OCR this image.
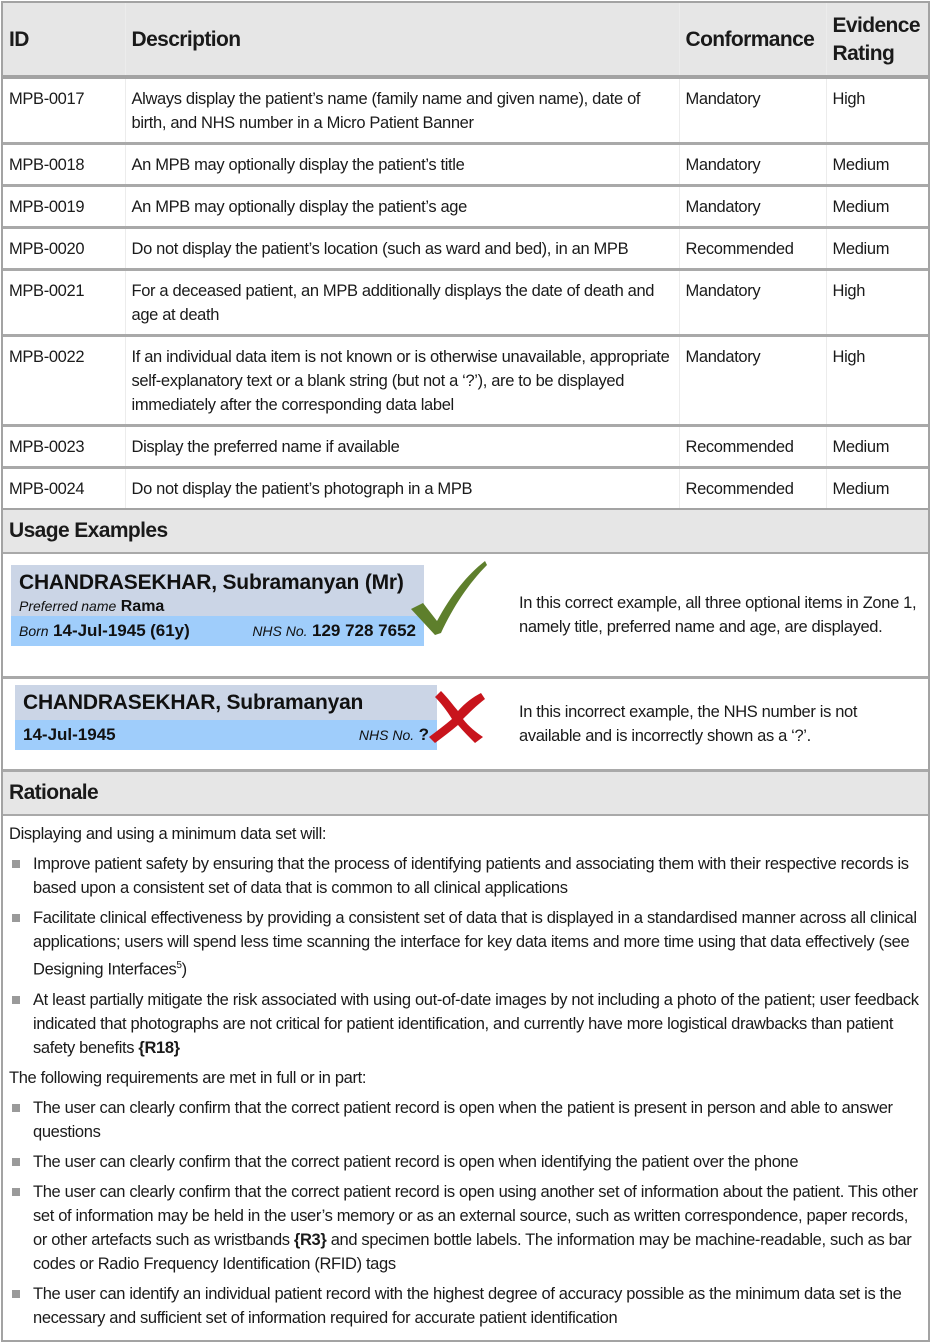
ID	Description	Conformance	Evidence Rating
MPB-0017	Always display the patient’s name (family name and given name), date of birth, and NHS number in a Micro Patient Banner	Mandatory	High
MPB-0018	An MPB may optionally display the patient’s title	Mandatory	Medium
MPB-0019	An MPB may optionally display the patient’s age	Mandatory	Medium
MPB-0020	Do not display the patient’s location (such as ward and bed), in an MPB	Recommended	Medium
MPB-0021	For a deceased patient, an MPB additionally displays the date of death and age at death	Mandatory	High
MPB-0022	If an individual data item is not known or is otherwise unavailable, appropriate self-explanatory text or a blank string (but not a ‘?’), are to be displayed immediately after the corresponding data label	Mandatory	High
MPB-0023	Display the preferred name if available	Recommended	Medium
MPB-0024	Do not display the patient’s photograph in a MPB	Recommended	Medium
Usage Examples
CHANDRASEKHAR, Subramanyan (Mr)
Preferred name Rama
Born 14-Jul-1945 (61y)	NHS No. 129 728 7652
In this correct example, all three optional items in Zone 1, namely title, preferred name and age, are displayed.
CHANDRASEKHAR, Subramanyan
14-Jul-1945	NHS No. ?
In this incorrect example, the NHS number is not available and is incorrectly shown as a ‘?’.
Rationale

Displaying and using a minimum data set will:

Improve patient safety by ensuring that the process of identifying patients and associating them with their respective records is based upon a consistent set of data that is common to all clinical applications
Facilitate clinical effectiveness by providing a consistent set of data that is displayed in a standardised manner across all clinical applications; users will spend less time scanning the interface for key data items and more time using that data effectively (see Designing Interfaces$^5$)
At least partially mitigate the risk associated with using out-of-date images by not including a photo of the patient; user feedback indicated that photographs are not critical for patient identification, and currently have more logistical drawbacks than patient safety benefits {R18}

The following requirements are met in full or in part:

The user can clearly confirm that the correct patient record is open when the patient is present in person and able to answer questions
The user can clearly confirm that the correct patient record is open when identifying the patient over the phone
The user can clearly confirm that the correct patient record is open using another set of information about the patient. This other set of information may be held in the user’s memory or as an external source, such as written correspondence, paper records, or other artefacts such as wristbands {R3} and specimen bottle labels. The information may be machine-readable, such as bar codes or Radio Frequency Identification (RFID) tags
The user can identify an individual patient record with the highest degree of accuracy possible as the minimum data set is the necessary and sufficient set of information required for accurate patient identification
